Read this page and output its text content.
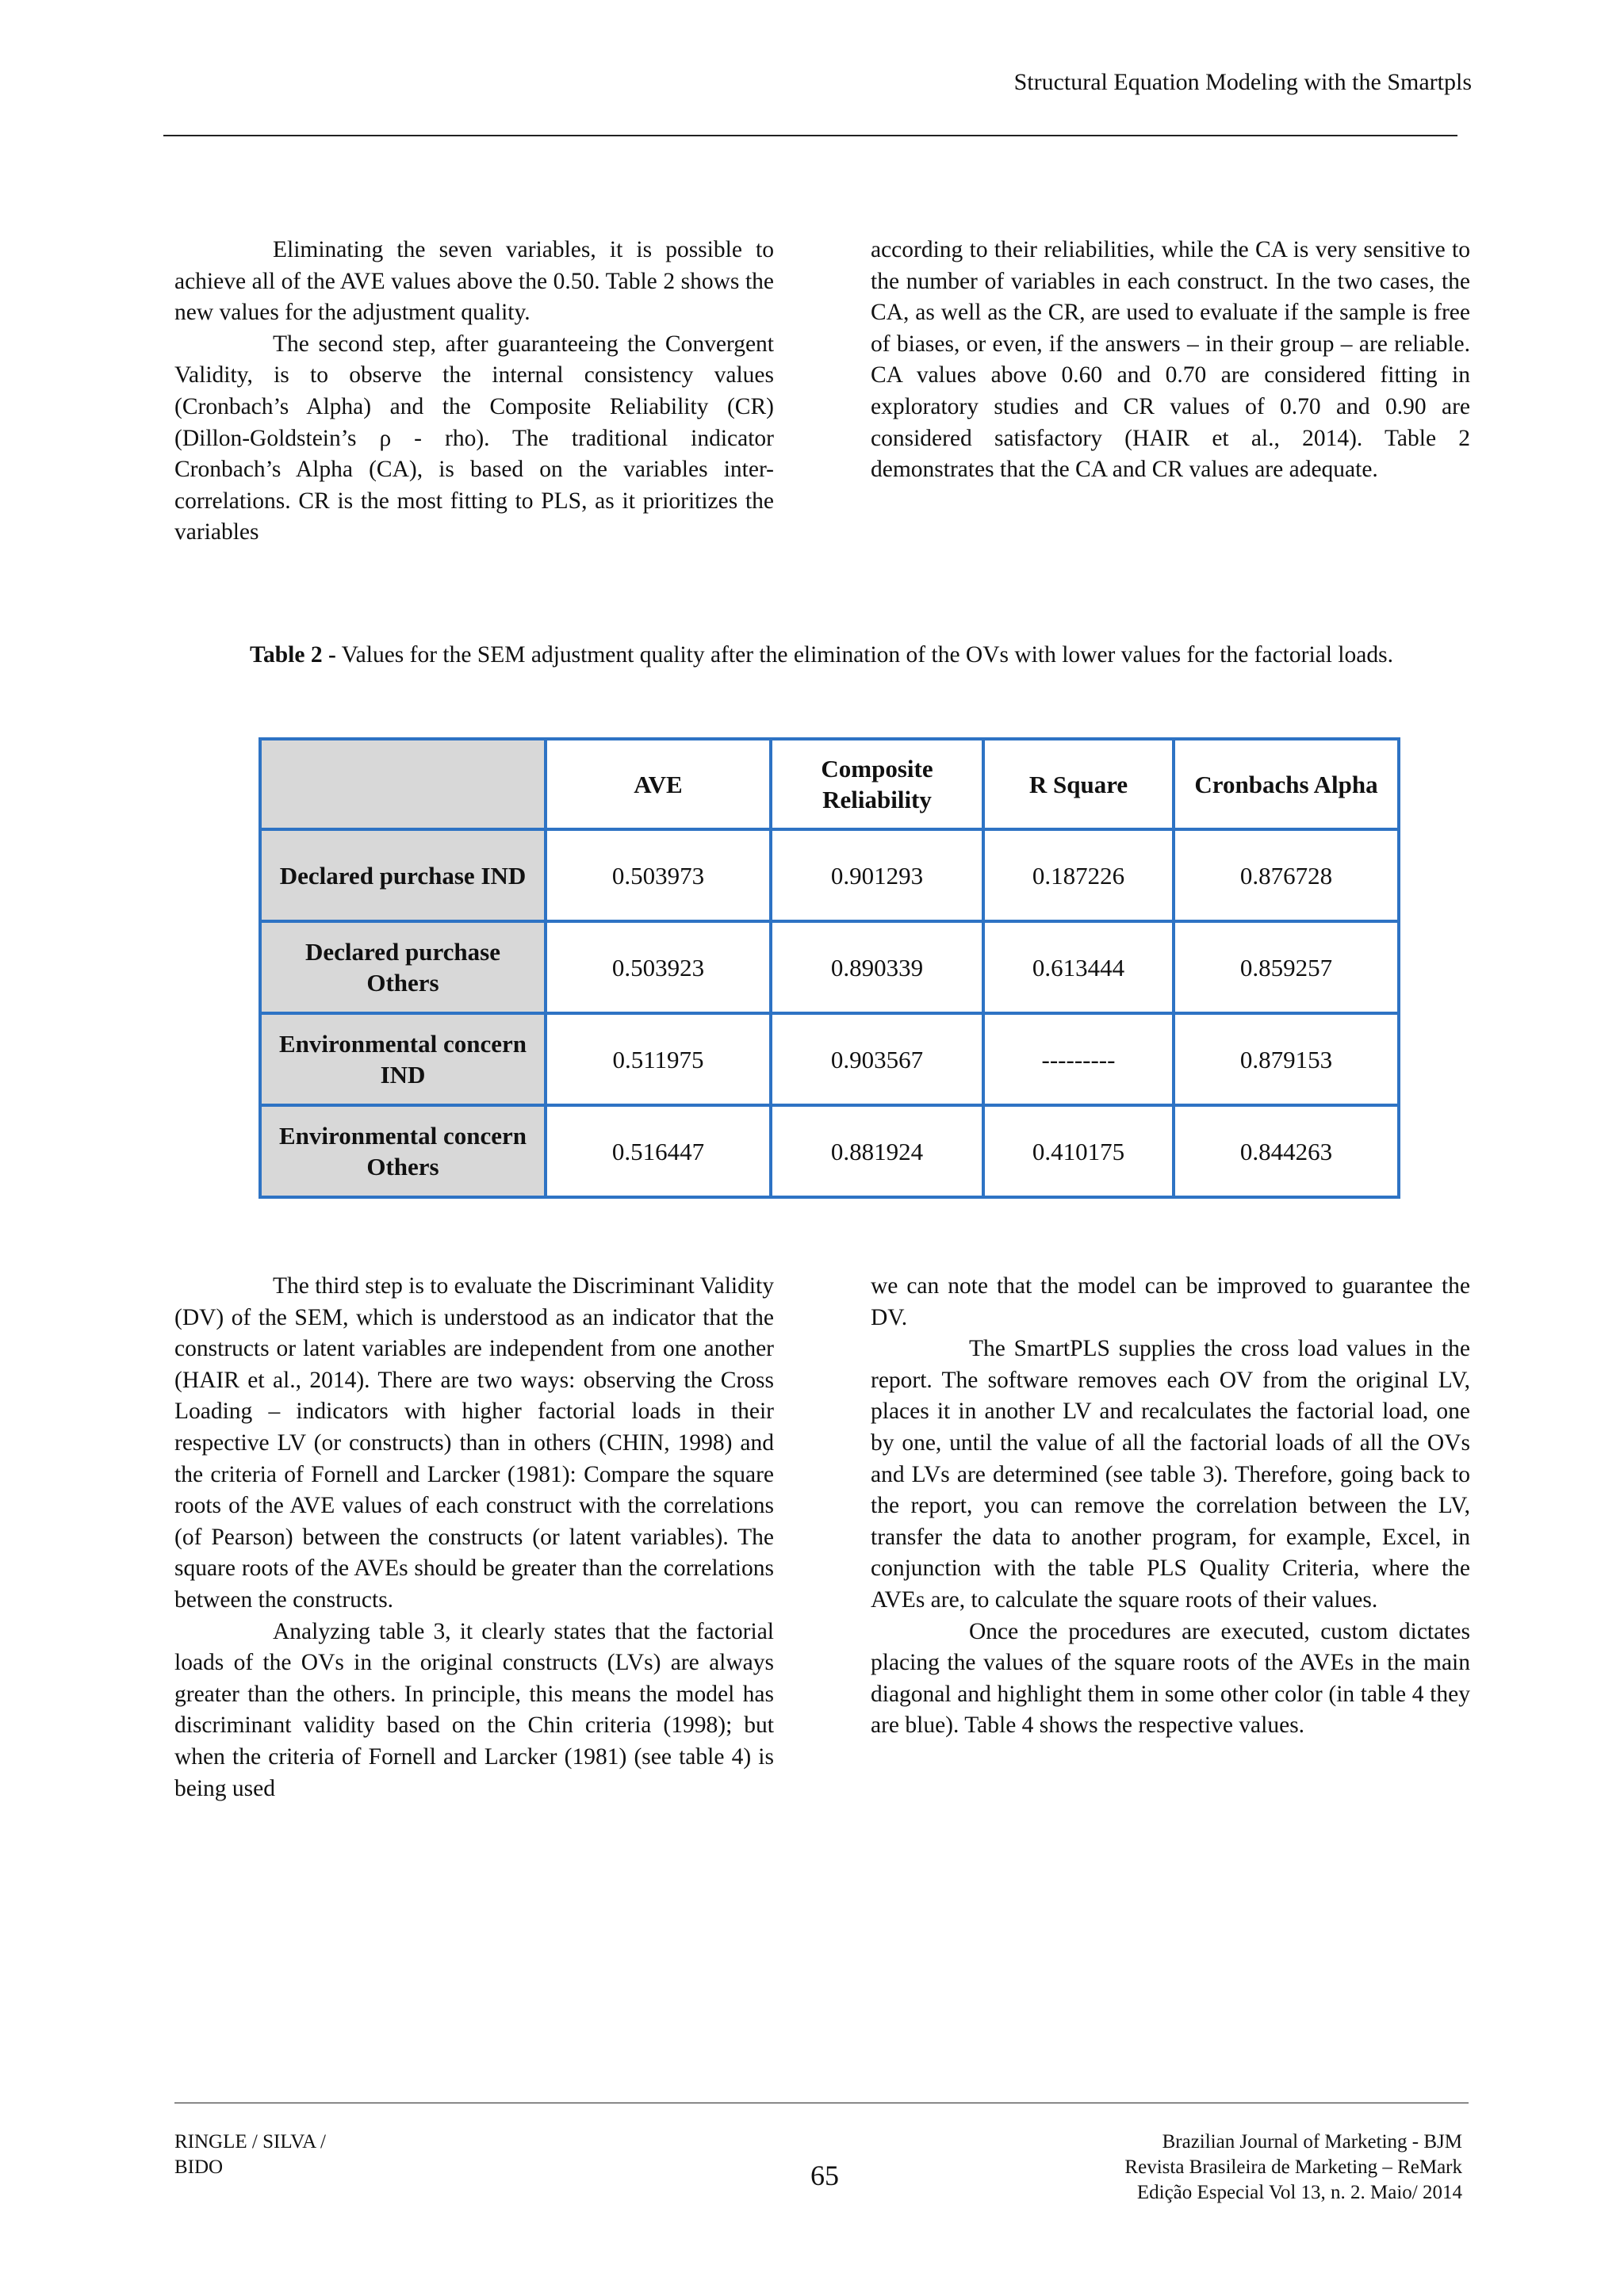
Structural Equation Modeling with the Smartpls

Eliminating the seven variables, it is possible to achieve all of the AVE values above the 0.50. Table 2 shows the new values for the adjustment quality.

The second step, after guaranteeing the Convergent Validity, is to observe the internal consistency values (Cronbach’s Alpha) and the Composite Reliability (CR) (Dillon-Goldstein’s ρ - rho). The traditional indicator Cronbach’s Alpha (CA), is based on the variables inter-correlations. CR is the most fitting to PLS, as it prioritizes the variables

according to their reliabilities, while the CA is very sensitive to the number of variables in each construct. In the two cases, the CA, as well as the CR, are used to evaluate if the sample is free of biases, or even, if the answers – in their group – are reliable. CA values above 0.60 and 0.70 are considered fitting in exploratory studies and CR values of 0.70 and 0.90 are considered satisfactory (HAIR et al., 2014). Table 2 demonstrates that the CA and CR values are adequate.

Table 2 - Values for the SEM adjustment quality after the elimination of the OVs with lower values for the factorial loads.
	AVE	Composite Reliability	R Square	Cronbachs Alpha
Declared purchase IND	0.503973	0.901293	0.187226	0.876728
Declared purchase Others	0.503923	0.890339	0.613444	0.859257
Environmental concern IND	0.511975	0.903567	---------	0.879153
Environmental concern Others	0.516447	0.881924	0.410175	0.844263

The third step is to evaluate the Discriminant Validity (DV) of the SEM, which is understood as an indicator that the constructs or latent variables are independent from one another (HAIR et al., 2014). There are two ways: observing the Cross Loading – indicators with higher factorial loads in their respective LV (or constructs) than in others (CHIN, 1998) and the criteria of Fornell and Larcker (1981): Compare the square roots of the AVE values of each construct with the correlations (of Pearson) between the constructs (or latent variables). The square roots of the AVEs should be greater than the correlations between the constructs.

Analyzing table 3, it clearly states that the factorial loads of the OVs in the original constructs (LVs) are always greater than the others. In principle, this means the model has discriminant validity based on the Chin criteria (1998); but when the criteria of Fornell and Larcker (1981) (see table 4) is being used

we can note that the model can be improved to guarantee the DV.

The SmartPLS supplies the cross load values in the report. The software removes each OV from the original LV, places it in another LV and recalculates the factorial load, one by one, until the value of all the factorial loads of all the OVs and LVs are determined (see table 3). Therefore, going back to the report, you can remove the correlation between the LV, transfer the data to another program, for example, Excel, in conjunction with the table PLS Quality Criteria, where the AVEs are, to calculate the square roots of their values.

Once the procedures are executed, custom dictates placing the values of the square roots of the AVEs in the main diagonal and highlight them in some other color (in table 4 they are blue). Table 4 shows the respective values.

RINGLE / SILVA /
BIDO	65
Brazilian Journal of Marketing - BJM
Revista Brasileira de Marketing – ReMark
Edição Especial Vol 13, n. 2. Maio/ 2014
